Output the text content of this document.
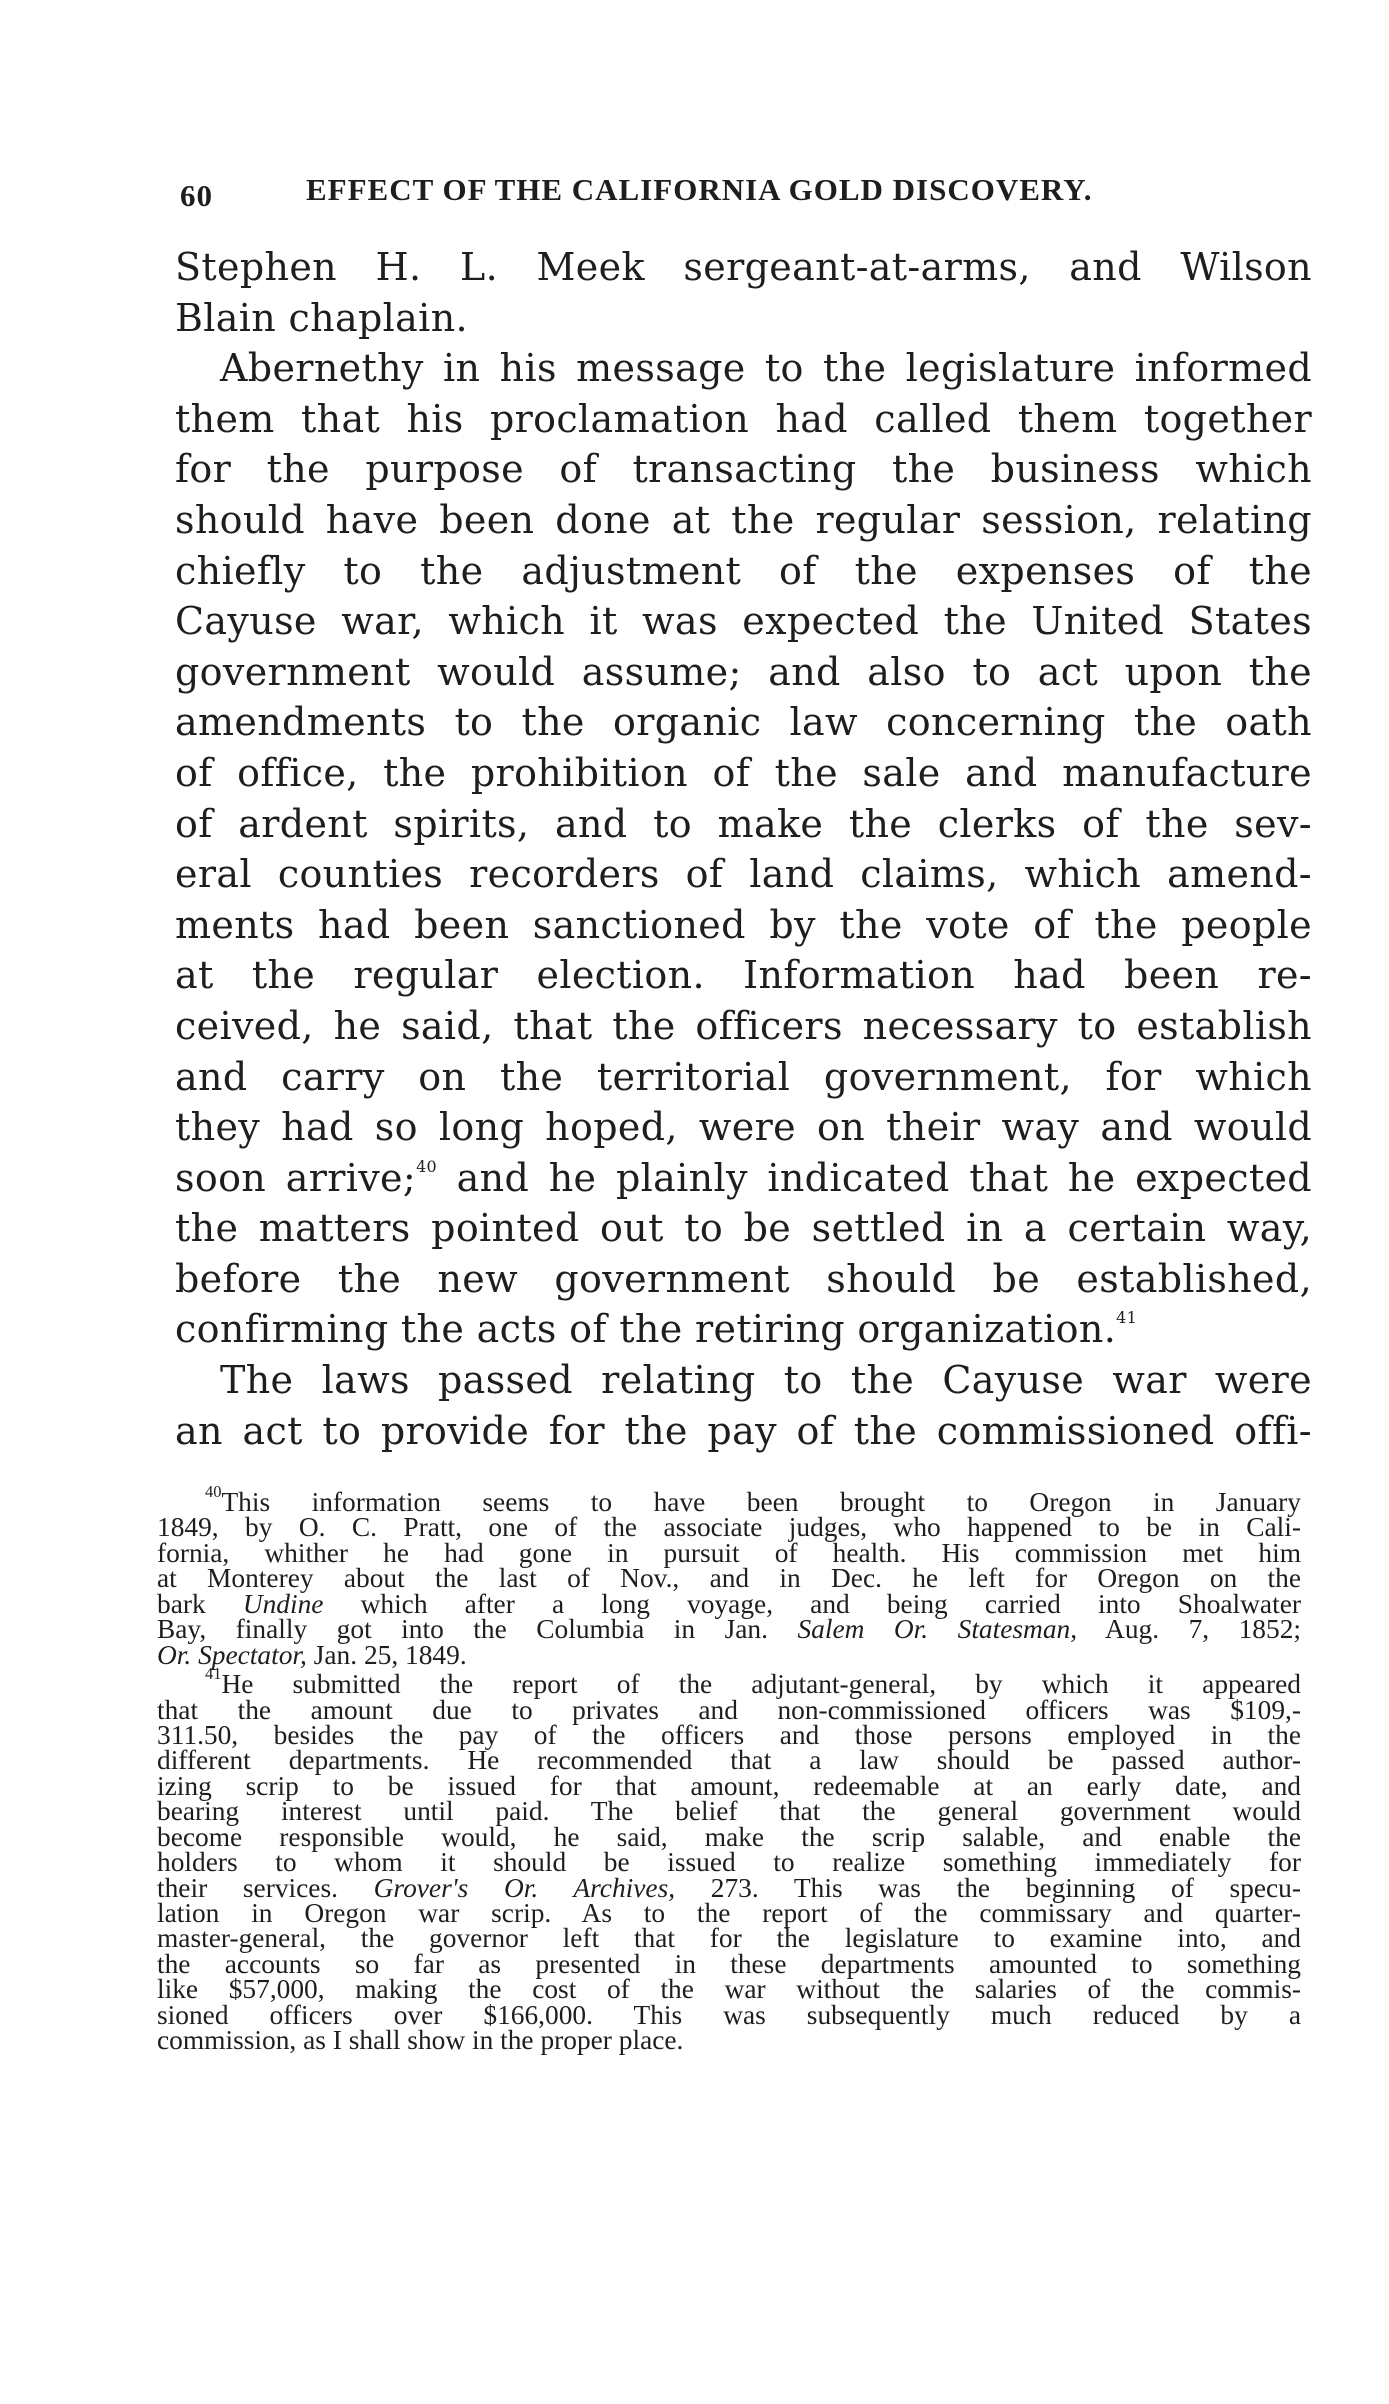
60	EFFECT OF THE CALIFORNIA GOLD DISCOVERY.
Stephen H. L. Meek sergeant-at-arms, and Wilson
Blain chaplain.
Abernethy in his message to the legislature informed
them that his proclamation had called them together
for the purpose of transacting the business which
should have been done at the regular session, relating
chiefly to the adjustment of the expenses of the
Cayuse war, which it was expected the United States
government would assume; and also to act upon the
amendments to the organic law concerning the oath
of office, the prohibition of the sale and manufacture
of ardent spirits, and to make the clerks of the sev-
eral counties recorders of land claims, which amend-
ments had been sanctioned by the vote of the people
at the regular election. Information had been re-
ceived, he said, that the officers necessary to establish
and carry on the territorial government, for which
they had so long hoped, were on their way and would
soon arrive;$^{40}$ and he plainly indicated that he expected
the matters pointed out to be settled in a certain way,
before the new government should be established,
confirming the acts of the retiring organization.$^{41}$
The laws passed relating to the Cayuse war were
an act to provide for the pay of the commissioned offi-
$^{40}$This information seems to have been brought to Oregon in January
1849, by O. C. Pratt, one of the associate judges, who happened to be in Cali-
fornia, whither he had gone in pursuit of health. His commission met him
at Monterey about the last of Nov., and in Dec. he left for Oregon on the
bark Undine which after a long voyage, and being carried into Shoalwater
Bay, finally got into the Columbia in Jan. Salem Or. Statesman, Aug. 7, 1852;
Or. Spectator, Jan. 25, 1849.
$^{41}$He submitted the report of the adjutant-general, by which it appeared
that the amount due to privates and non-commissioned officers was $109,-
311.50, besides the pay of the officers and those persons employed in the
different departments. He recommended that a law should be passed author-
izing scrip to be issued for that amount, redeemable at an early date, and
bearing interest until paid. The belief that the general government would
become responsible would, he said, make the scrip salable, and enable the
holders to whom it should be issued to realize something immediately for
their services. Grover's Or. Archives, 273. This was the beginning of specu-
lation in Oregon war scrip. As to the report of the commissary and quarter-
master-general, the governor left that for the legislature to examine into, and
the accounts so far as presented in these departments amounted to something
like $57,000, making the cost of the war without the salaries of the commis-
sioned officers over $166,000. This was subsequently much reduced by a
commission, as I shall show in the proper place.
